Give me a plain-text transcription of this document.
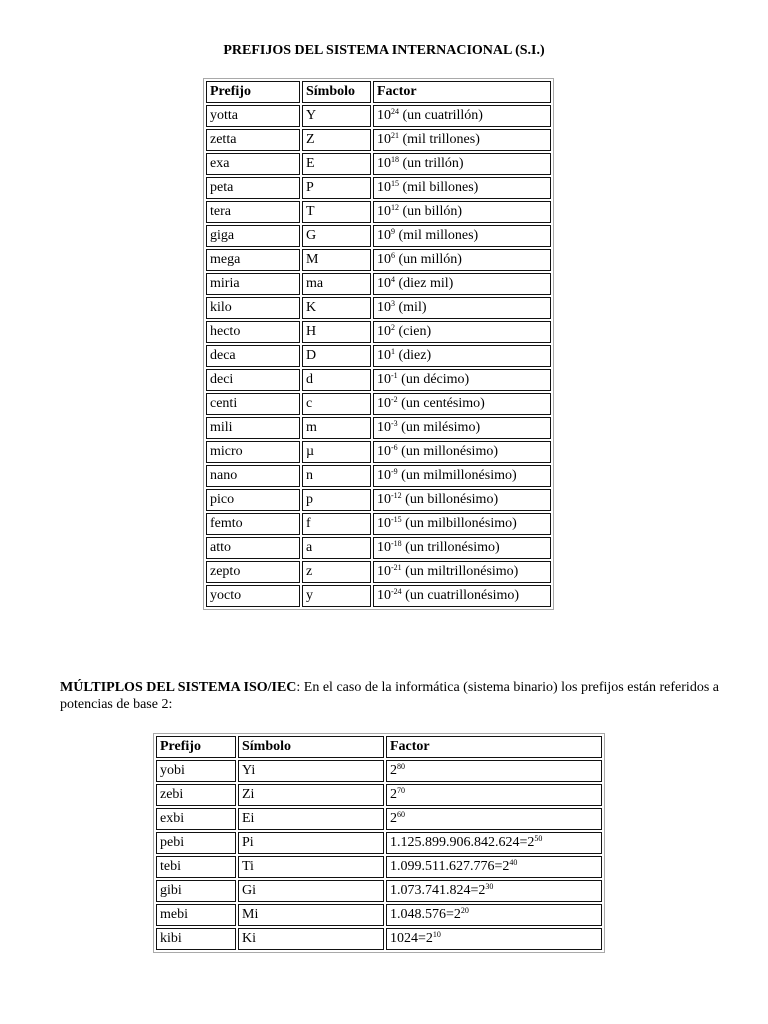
PREFIJOS DEL SISTEMA INTERNACIONAL (S.I.)
Prefijo	Símbolo	Factor
yotta	Y	$10^{24}$ (un cuatrillón)
zetta	Z	$10^{21}$ (mil trillones)
exa	E	$10^{18}$ (un trillón)
peta	P	$10^{15}$ (mil billones)
tera	T	$10^{12}$ (un billón)
giga	G	$10^9$ (mil millones)
mega	M	$10^6$ (un millón)
miria	ma	$10^4$ (diez mil)
kilo	K	$10^3$ (mil)
hecto	H	$10^2$ (cien)
deca	D	$10^1$ (diez)
deci	d	$10^{-1}$ (un décimo)
centi	c	$10^{-2}$ (un centésimo)
mili	m	$10^{-3}$ (un milésimo)
micro	µ	$10^{-6}$ (un millonésimo)
nano	n	$10^{-9}$ (un milmillonésimo)
pico	p	$10^{-12}$ (un billonésimo)
femto	f	$10^{-15}$ (un milbillonésimo)
atto	a	$10^{-18}$ (un trillonésimo)
zepto	z	$10^{-21}$ (un miltrillonésimo)
yocto	y	$10^{-24}$ (un cuatrillonésimo)
MÚLTIPLOS DEL SISTEMA ISO/IEC: En el caso de la informática (sistema binario) los prefijos están referidos a potencias de base 2:
Prefijo	Símbolo	Factor
yobi	Yi	$2^{80}$
zebi	Zi	$2^{70}$
exbi	Ei	$2^{60}$
pebi	Pi	$1.125.899.906.842.624=2^{50}$
tebi	Ti	$1.099.511.627.776=2^{40}$
gibi	Gi	$1.073.741.824=2^{30}$
mebi	Mi	$1.048.576=2^{20}$
kibi	Ki	$1024=2^{10}$
